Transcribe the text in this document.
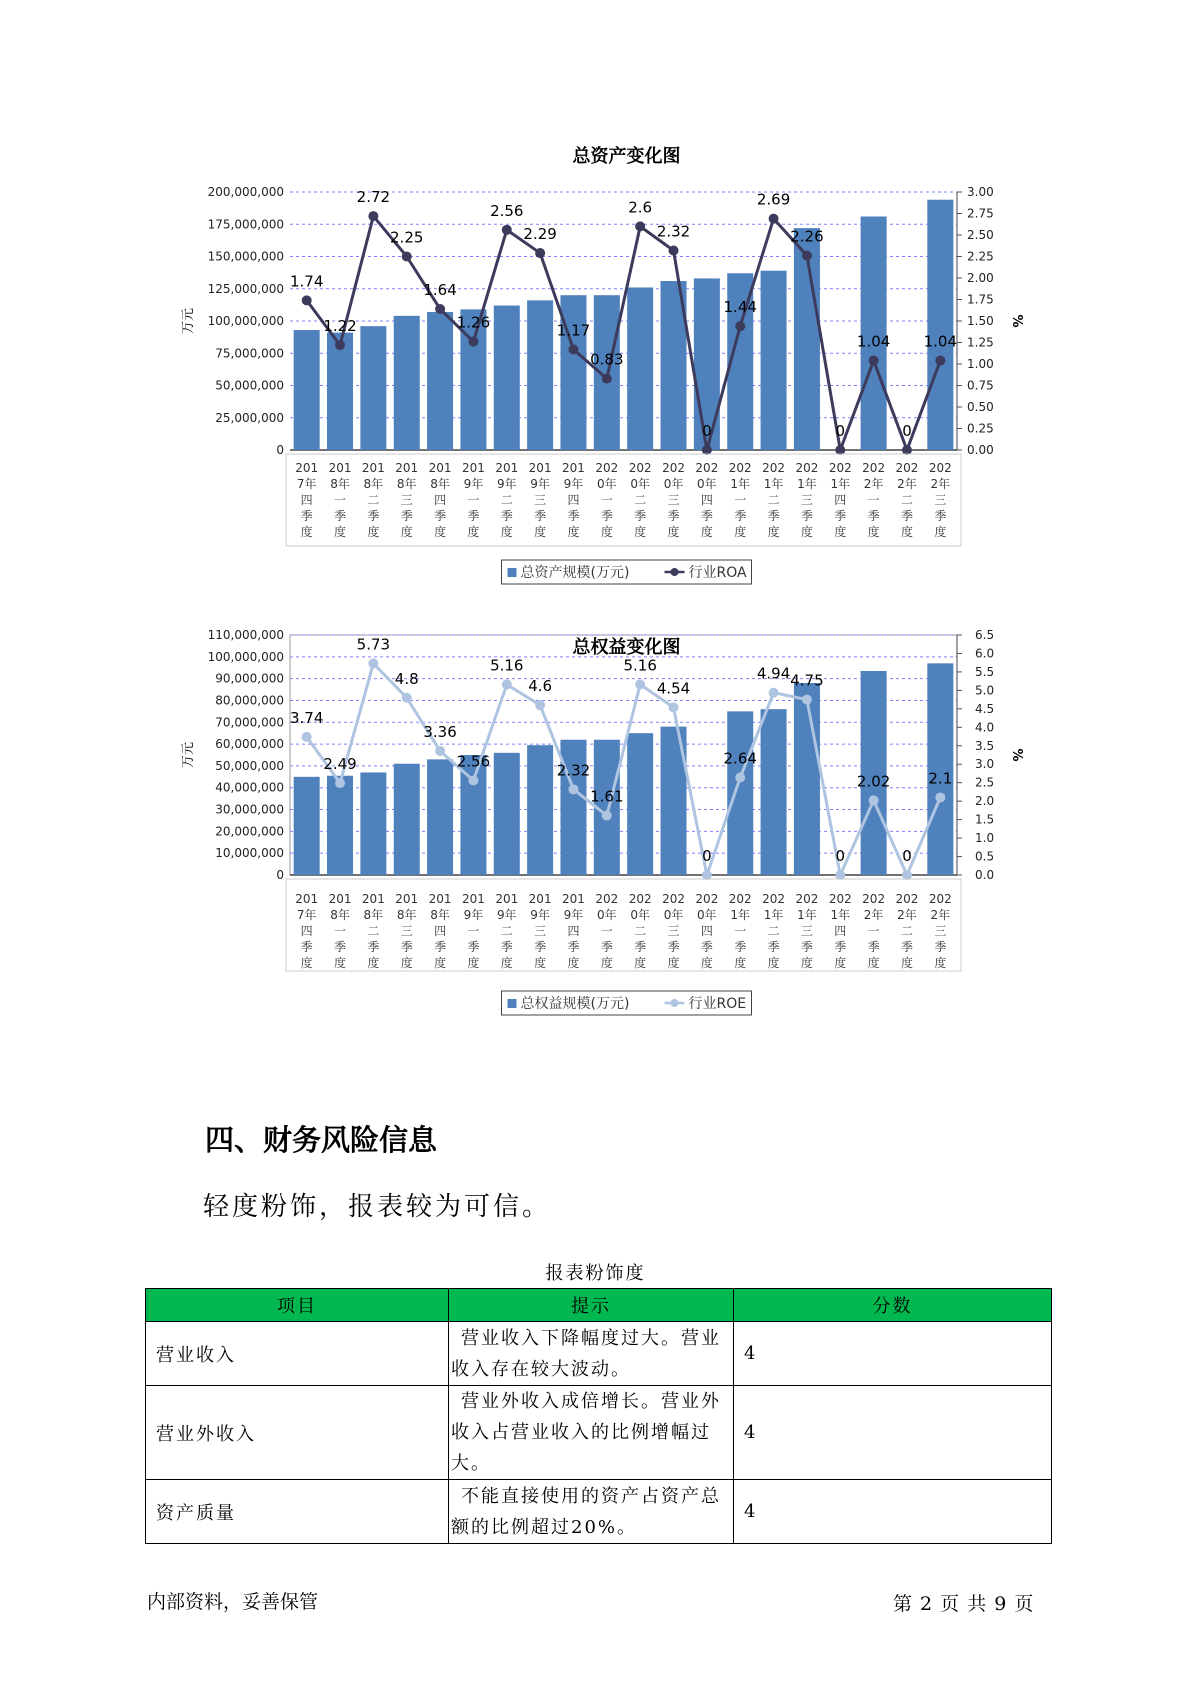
总资产变化图
0
25,000,000
50,000,000
75,000,000
100,000,000
125,000,000
150,000,000
175,000,000
200,000,000
0.00
0.25
0.50
0.75
1.00
1.25
1.50
1.75
2.00
2.25
2.50
2.75
3.00
万元	%
1.74
1.22
2.72
2.25
1.64
1.26
2.56
2.29
1.17
0.83
2.6
2.32
0
1.44
2.69
2.26
0
1.04
0
1.04
201 7年四季度
201 8年一季度
201 8年二季度
201 8年三季度
201 8年四季度
201 9年一季度
201 9年二季度
201 9年三季度
201 9年四季度
202 0年一季度
202 0年二季度
202 0年三季度
202 0年四季度
202 1年一季度
202 1年二季度
202 1年三季度
202 1年四季度
202 2年一季度
202 2年二季度
202 2年三季度
总资产规模(万元)	行业ROA
总权益变化图
0
10,000,000
20,000,000
30,000,000
40,000,000
50,000,000
60,000,000
70,000,000
80,000,000
90,000,000
100,000,000
110,000,000
0.0
0.5
1.0
1.5
2.0
2.5
3.0
3.5
4.0
4.5
5.0
5.5
6.0
6.5
万元	%
3.74
2.49
5.73
4.8
3.36
2.56
5.16
4.6
2.32
1.61
5.16
4.54
0
2.64
4.94 4.75
0
2.02
0
2.1
201 7年四季度
201 8年一季度
201 8年二季度
201 8年三季度
201 8年四季度
201 9年一季度
201 9年二季度
201 9年三季度
201 9年四季度
202 0年一季度
202 0年二季度
202 0年三季度
202 0年四季度
202 1年一季度
202 1年二季度
202 1年三季度
202 1年四季度
202 2年一季度
202 2年二季度
202 2年三季度
总权益规模(万元)	行业ROE
四、财务风险信息
轻度粉饰，报表较为可信。
报表粉饰度
项目	提示	分数
营业收入	营业收入下降幅度过大。营业收入存在较大波动。	4
营业外收入	营业外收入成倍增长。营业外收入占营业收入的比例增幅过大。	4
资产质量	不能直接使用的资产占资产总额的比例超过20%。	4
内部资料，妥善保管	第 2 页 共 9 页
